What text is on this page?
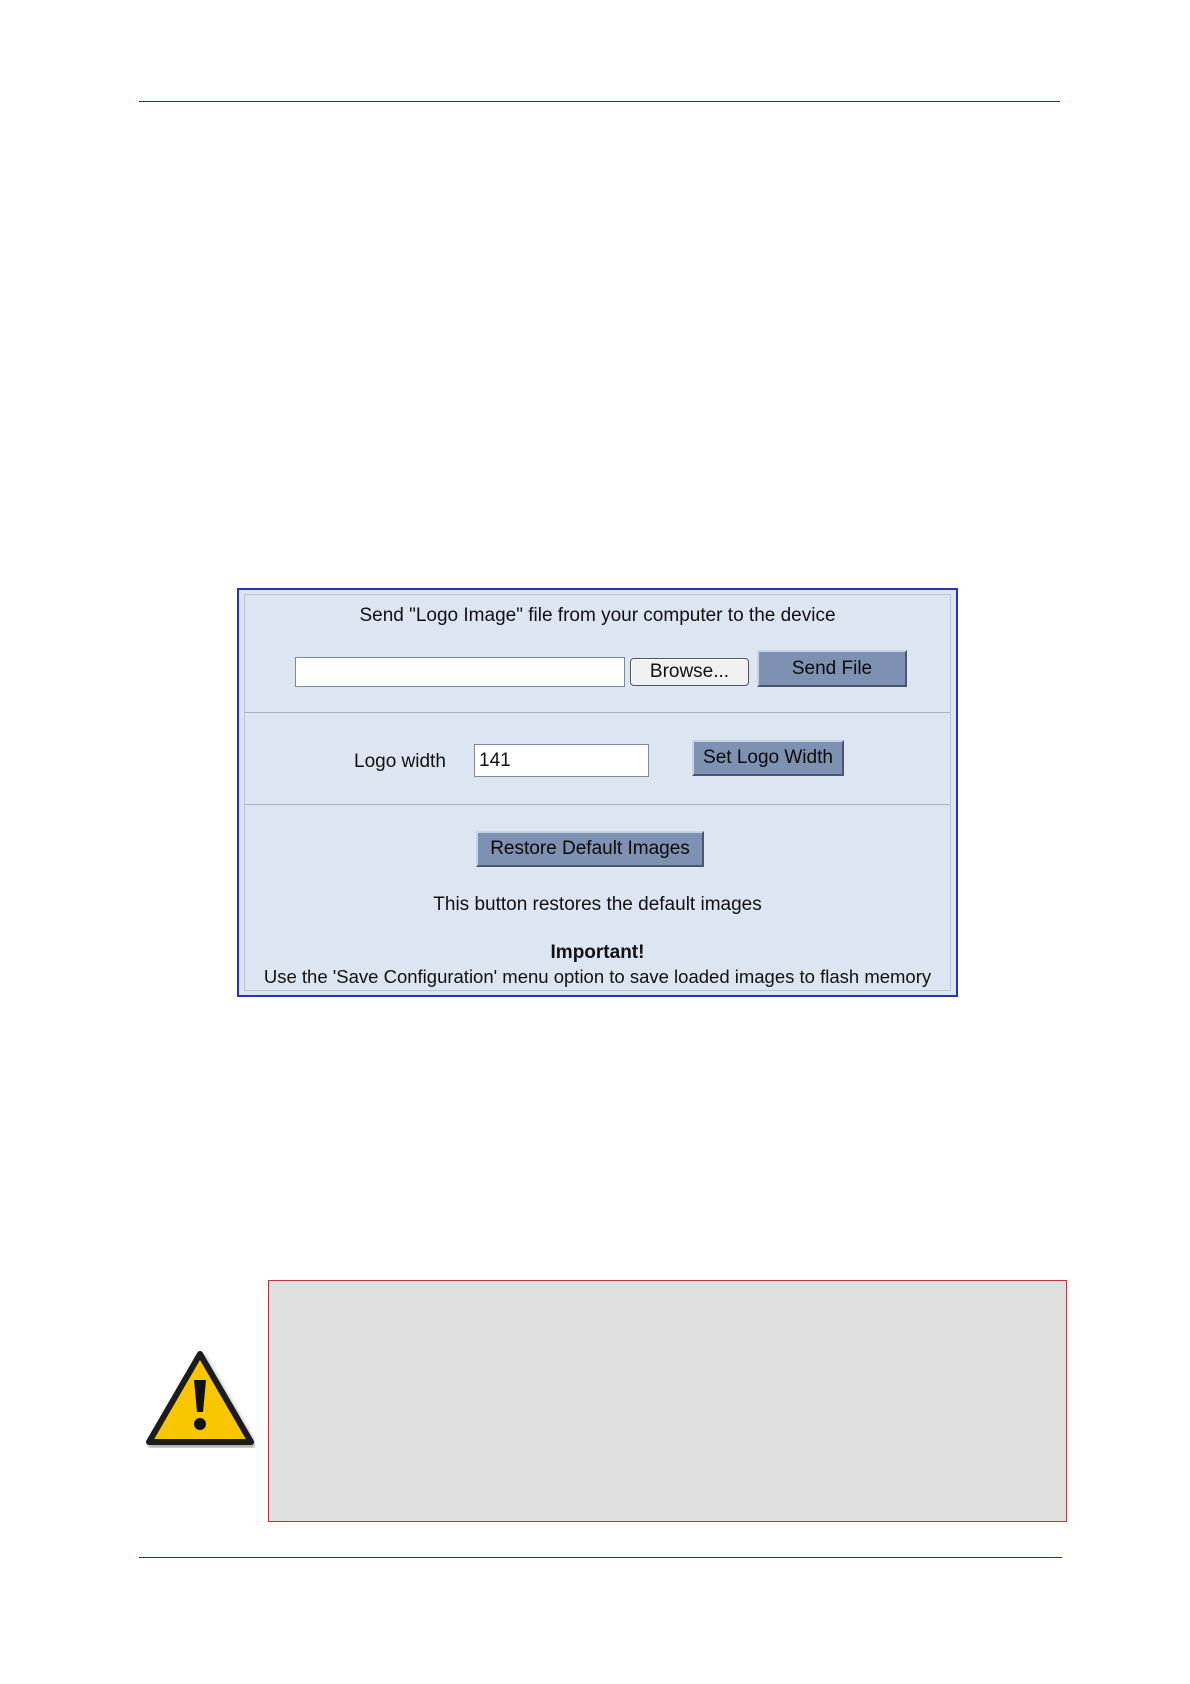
Send "Logo Image" file from your computer to the device
Browse...	Send File
Logo width
141	Set Logo Width
Restore Default Images
This button restores the default images
Important!
Use the 'Save Configuration' menu option to save loaded images to flash memory
